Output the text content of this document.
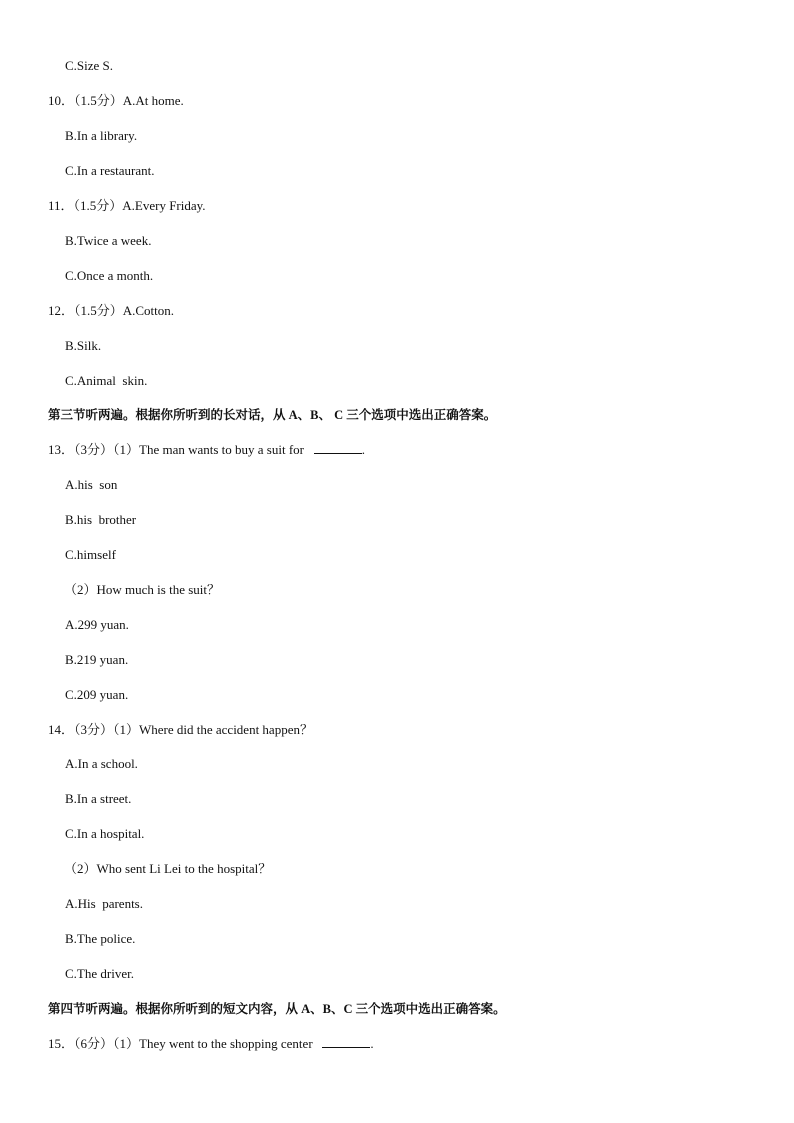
C.Size S.
10．（1.5分）A.At home.
B.In a library.
C.In a restaurant.
11．（1.5分）A.Every Friday.
B.Twice a week.
C.Once a month.
12．（1.5分）A.Cotton.
B.Silk.
C.Animal  skin.
第三节听两遍。根据你所听到的长对话，从 A、B、 C 三个选项中选出正确答案。
13．（3分）（1）The man wants to buy a suit for	.
A.his  son
B.his  brother
C.himself
（2）How much is the suit？
A.299 yuan.
B.219 yuan.
C.209 yuan.
14．（3分）（1）Where did the accident happen？
A.In a school.
B.In a street.
C.In a hospital.
（2）Who sent Li Lei to the hospital？
A.His  parents.
B.The police.
C.The driver.
第四节听两遍。根据你所听到的短文内容，从 A、B、C 三个选项中选出正确答案。
15．（6分）（1）They went to the shopping center	.
